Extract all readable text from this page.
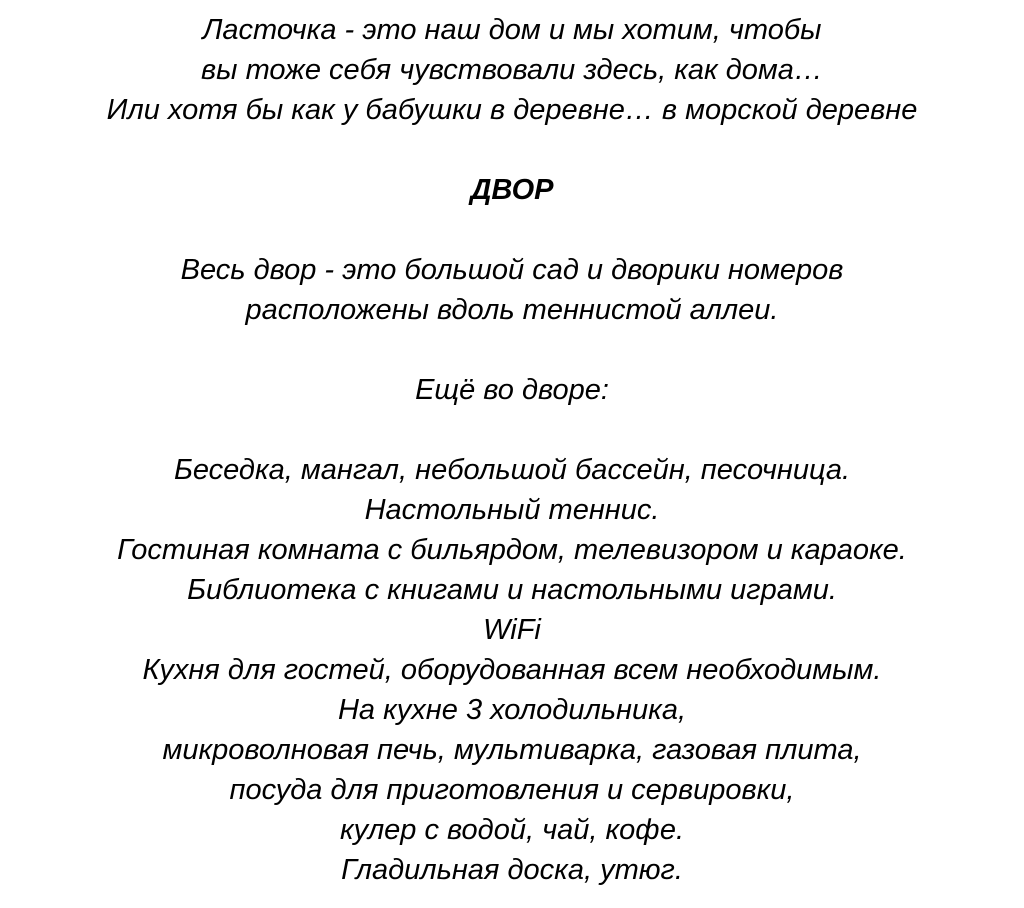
Ласточка - это наш дом и мы хотим, чтобы
вы тоже себя чувствовали здесь, как дома…
Или хотя бы как у бабушки в деревне… в морской деревне
ДВОР
Весь двор - это большой сад и дворики номеров
расположены вдоль теннистой аллеи.
Ещё во дворе:
Беседка, мангал, небольшой бассейн, песочница.
Настольный теннис.
Гостиная комната с бильярдом, телевизором и караоке.
Библиотека с книгами и настольными играми.
WiFi
Кухня для гостей, оборудованная всем необходимым.
На кухне 3 холодильника,
микроволновая печь, мультиварка, газовая плита,
посуда для приготовления и сервировки,
кулер с водой, чай, кофе.
Гладильная доска, утюг.
